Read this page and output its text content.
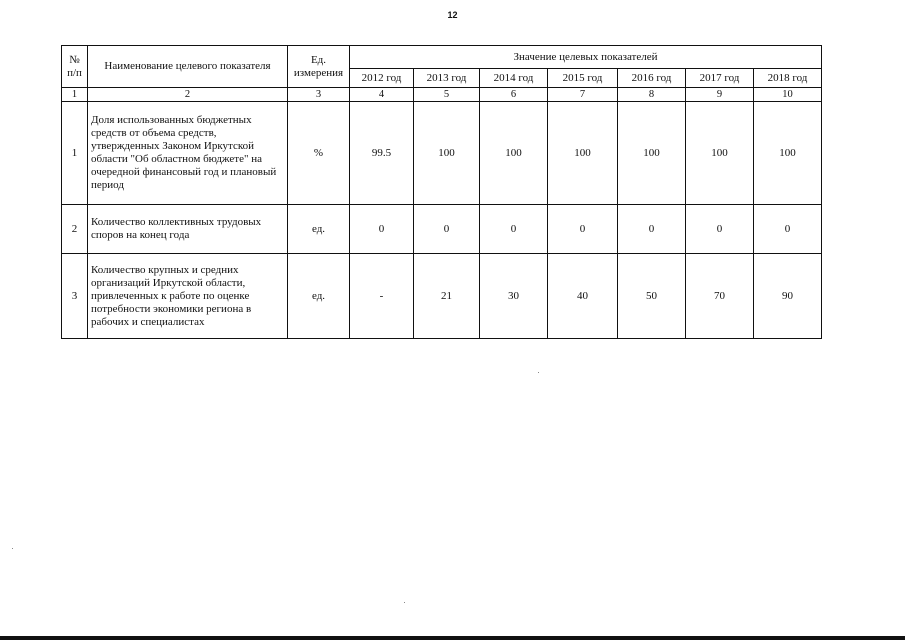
12
№ п/п	Наименование целевого показателя	Ед. измерения	Значение целевых показателей						
			2012 год	2013 год	2014 год	2015 год	2016 год	2017 год	2018 год
1	2	3	4	5	6	7	8	9	10
1	Доля использованных бюджетных средств от объема средств, утвержденных Законом Иркутской области "Об областном бюджете" на очередной финансовый год и плановый период	%	99.5	100	100	100	100	100	100
2	Количество коллективных трудовых споров на конец года	ед.	0	0	0	0	0	0	0
3	Количество крупных и средних организаций Иркутской области, привлеченных к работе по оценке потребности экономики региона в рабочих и специалистах	ед.	-	21	30	40	50	70	90
